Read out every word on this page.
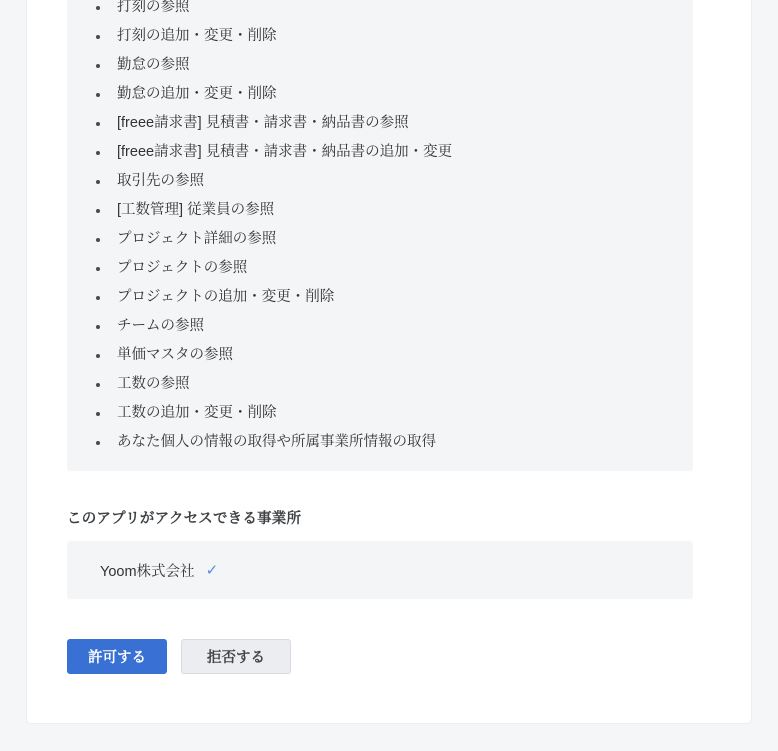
打刻の参照
打刻の追加・変更・削除
勤怠の参照
勤怠の追加・変更・削除
[freee請求書] 見積書・請求書・納品書の参照
[freee請求書] 見積書・請求書・納品書の追加・変更
取引先の参照
[工数管理] 従業員の参照
プロジェクト詳細の参照
プロジェクトの参照
プロジェクトの追加・変更・削除
チームの参照
単価マスタの参照
工数の参照
工数の追加・変更・削除
あなた個人の情報の取得や所属事業所情報の取得
このアプリがアクセスできる事業所
Yoom株式会社 ✓
許可する	拒否する
